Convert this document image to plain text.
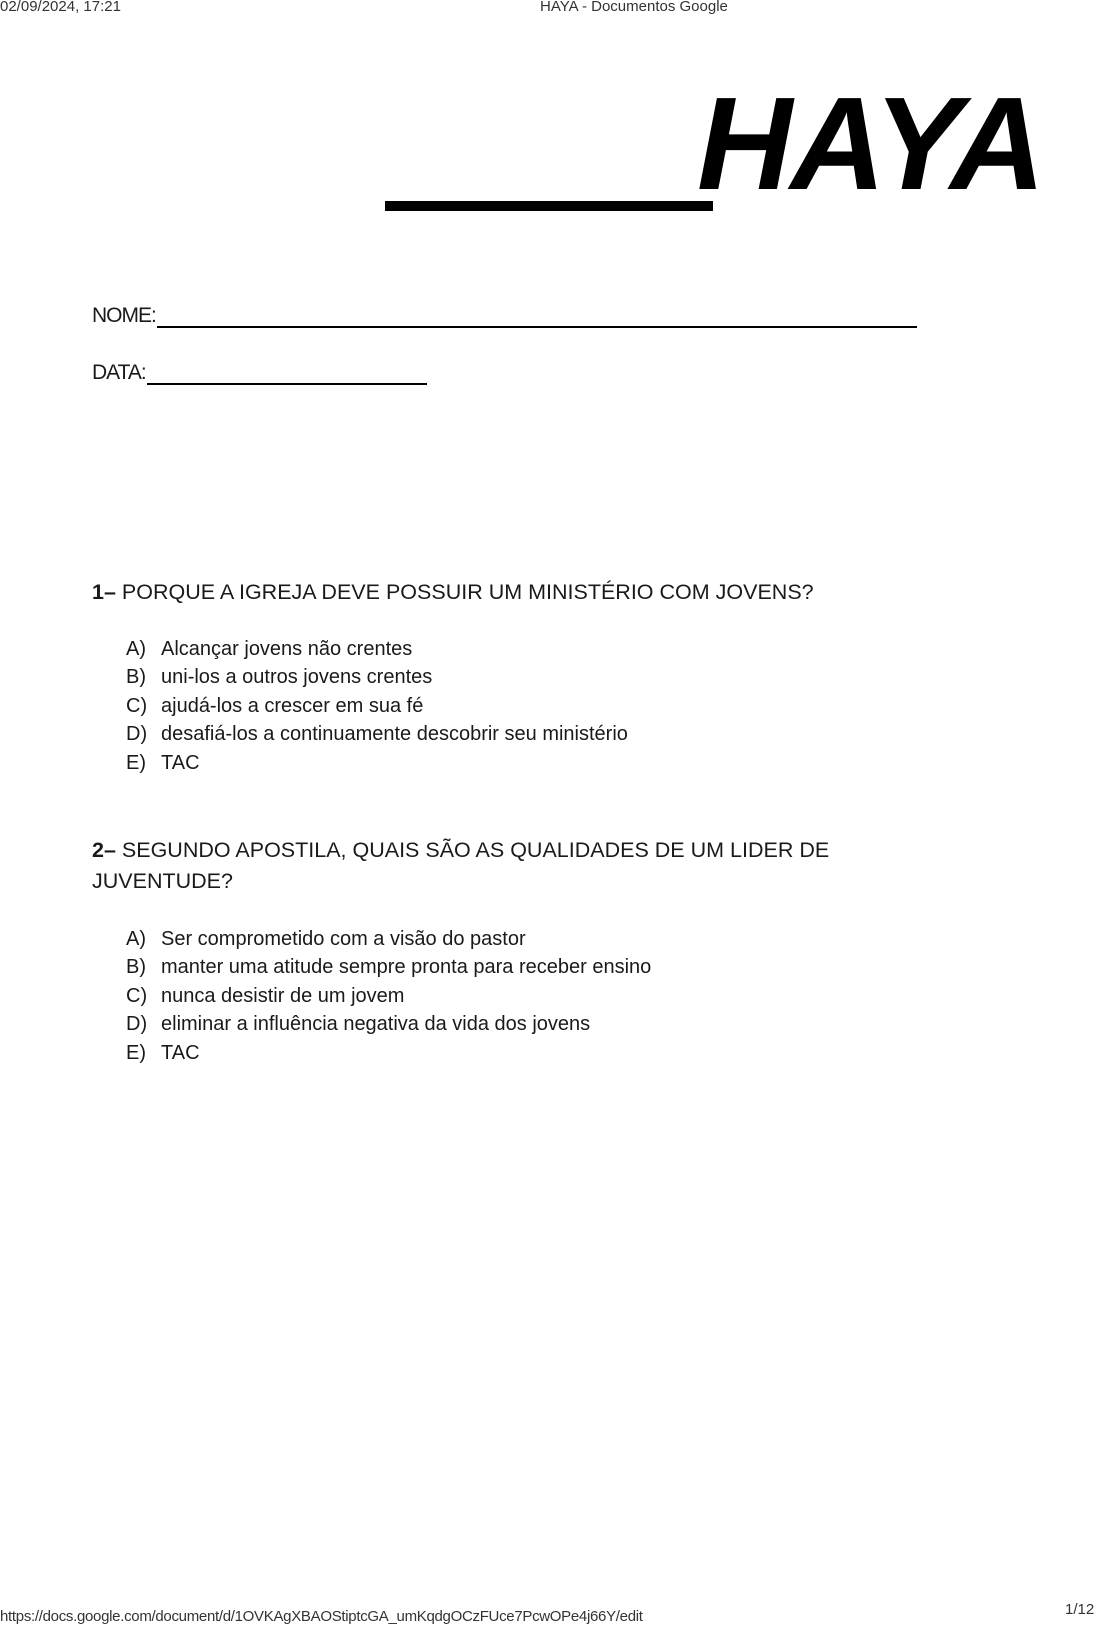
02/09/2024, 17:21	HAYA - Documentos Google
HAYA
NOME:
DATA:

1– PORQUE A IGREJA DEVE POSSUIR UM MINISTÉRIO COM JOVENS?

A) Alcançar jovens não crentes
B) uni-los a outros jovens crentes
C) ajudá-los a crescer em sua fé
D) desafiá-los a continuamente descobrir seu ministério
E) TAC

2– SEGUNDO APOSTILA, QUAIS SÃO AS QUALIDADES DE UM LIDER DE JUVENTUDE?

A) Ser comprometido com a visão do pastor
B) manter uma atitude sempre pronta para receber ensino
C) nunca desistir de um jovem
D) eliminar a influência negativa da vida dos jovens
E) TAC
https://docs.google.com/document/d/1OVKAgXBAOStiptcGA_umKqdgOCzFUce7PcwOPe4j66Y/edit	1/12
